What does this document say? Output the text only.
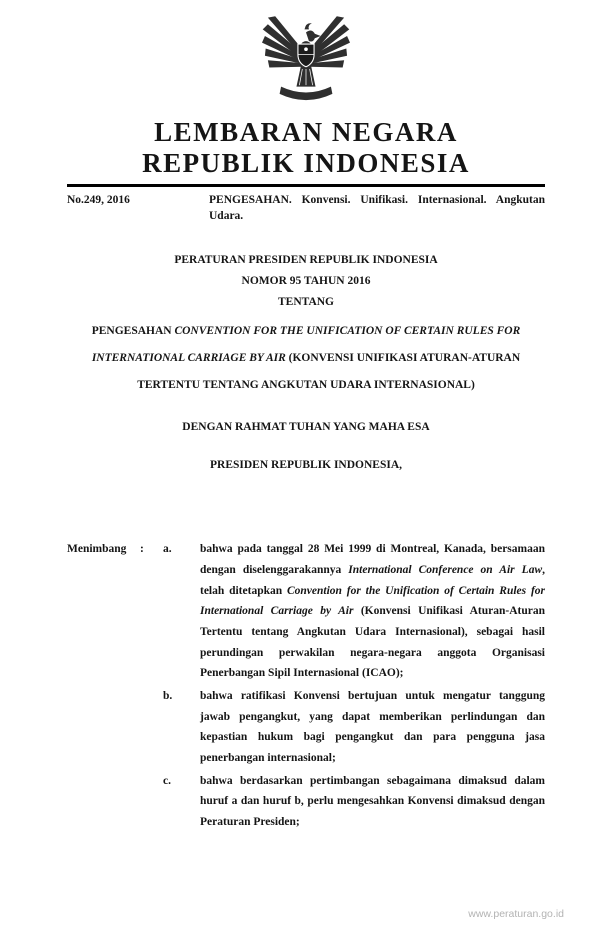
LEMBARAN NEGARA
REPUBLIK INDONESIA
No.249, 2016	PENGESAHAN. Konvensi. Unifikasi. Internasional. Angkutan Udara.
PERATURAN PRESIDEN REPUBLIK INDONESIA
NOMOR 95 TAHUN 2016
TENTANG
PENGESAHAN CONVENTION FOR THE UNIFICATION OF CERTAIN RULES FOR INTERNATIONAL CARRIAGE BY AIR (KONVENSI UNIFIKASI ATURAN-ATURAN TERTENTU TENTANG ANGKUTAN UDARA INTERNASIONAL)
DENGAN RAHMAT TUHAN YANG MAHA ESA
PRESIDEN REPUBLIK INDONESIA,
Menimbang	:	a.	bahwa pada tanggal 28 Mei 1999 di Montreal, Kanada, bersamaan dengan diselenggarakannya International Conference on Air Law, telah ditetapkan Convention for the Unification of Certain Rules for International Carriage by Air (Konvensi Unifikasi Aturan-Aturan Tertentu tentang Angkutan Udara Internasional), sebagai hasil perundingan perwakilan negara-negara anggota Organisasi Penerbangan Sipil Internasional (ICAO);
b.	bahwa ratifikasi Konvensi bertujuan untuk mengatur tanggung jawab pengangkut, yang dapat memberikan perlindungan dan kepastian hukum bagi pengangkut dan para pengguna jasa penerbangan internasional;
c.	bahwa berdasarkan pertimbangan sebagaimana dimaksud dalam huruf a dan huruf b, perlu mengesahkan Konvensi dimaksud dengan Peraturan Presiden;
www.peraturan.go.id
